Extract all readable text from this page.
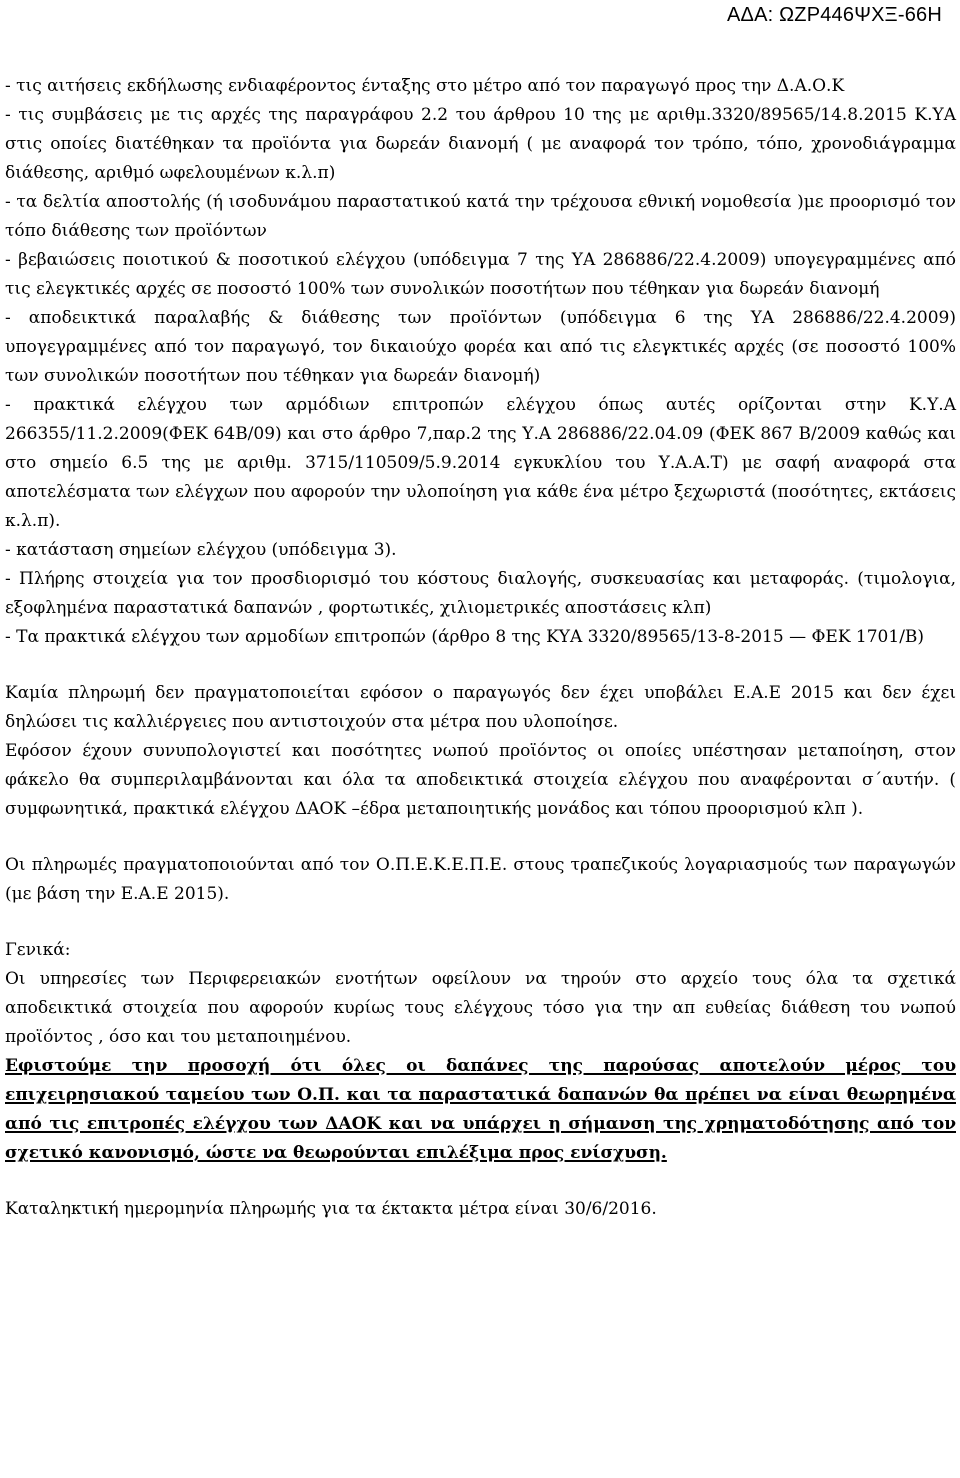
ΑΔΑ: ΩΖΡ446ΨΧΞ-66Η

- τις αιτήσεις εκδήλωσης ενδιαφέροντος ένταξης στο μέτρο από τον παραγωγό προς την Δ.Α.Ο.Κ

- τις συμβάσεις με τις αρχές της παραγράφου 2.2 του άρθρου 10 της με αριθμ.3320/89565/14.8.2015 Κ.ΥΑ στις οποίες διατέθηκαν τα προϊόντα για δωρεάν διανομή ( με αναφορά τον τρόπο, τόπο, χρονοδιάγραμμα διάθεσης, αριθμό ωφελουμένων κ.λ.π)

- τα δελτία αποστολής (ή ισοδυνάμου παραστατικού κατά την τρέχουσα εθνική νομοθεσία )με προορισμό τον τόπο διάθεσης των προϊόντων

- βεβαιώσεις ποιοτικού & ποσοτικού ελέγχου (υπόδειγμα 7 της ΥΑ 286886/22.4.2009) υπογεγραμμένες από τις ελεγκτικές αρχές σε ποσοστό 100% των συνολικών ποσοτήτων που τέθηκαν για δωρεάν διανομή

- αποδεικτικά παραλαβής & διάθεσης των προϊόντων (υπόδειγμα 6 της ΥΑ 286886/22.4.2009) υπογεγραμμένες από τον παραγωγό, τον δικαιούχο φορέα και από τις ελεγκτικές αρχές (σε ποσοστό 100% των συνολικών ποσοτήτων που τέθηκαν για δωρεάν διανομή)

- πρακτικά ελέγχου των αρμόδιων επιτροπών ελέγχου όπως αυτές ορίζονται στην Κ.Υ.Α 266355/11.2.2009(ΦΕΚ 64Β/09) και στο άρθρο 7,παρ.2 της Υ.Α 286886/22.04.09 (ΦΕΚ 867 Β/2009 καθώς και στο σημείο 6.5 της με αριθμ. 3715/110509/5.9.2014 εγκυκλίου του Υ.Α.Α.Τ) με σαφή αναφορά στα αποτελέσματα των ελέγχων που αφορούν την υλοποίηση για κάθε ένα μέτρο ξεχωριστά (ποσότητες, εκτάσεις κ.λ.π).

- κατάσταση σημείων ελέγχου (υπόδειγμα 3).

- Πλήρης στοιχεία για τον προσδιορισμό του κόστους διαλογής, συσκευασίας και μεταφοράς. (τιμολογια, εξοφλημένα παραστατικά δαπανών , φορτωτικές, χιλιομετρικές αποστάσεις κλπ)

- Τα πρακτικά ελέγχου των αρμοδίων επιτροπών (άρθρο 8 της ΚΥΑ 3320/89565/13-8-2015 — ΦΕΚ 1701/Β)

Καμία πληρωμή δεν πραγματοποιείται εφόσον ο παραγωγός δεν έχει υποβάλει Ε.Α.Ε 2015 και δεν έχει δηλώσει τις καλλιέργειες που αντιστοιχούν στα μέτρα που υλοποίησε.

Εφόσον έχουν συνυπολογιστεί και ποσότητες νωπού προϊόντος οι οποίες υπέστησαν μεταποίηση, στον φάκελο θα συμπεριλαμβάνονται και όλα τα αποδεικτικά στοιχεία ελέγχου που αναφέρονται σ΄αυτήν. ( συμφωνητικά, πρακτικά ελέγχου ΔΑΟΚ –έδρα μεταποιητικής μονάδος και τόπου προορισμού κλπ ).

Οι πληρωμές πραγματοποιούνται από τον Ο.Π.Ε.Κ.Ε.Π.Ε. στους τραπεζικούς λογαριασμούς των παραγωγών (με βάση την Ε.Α.Ε 2015).

Γενικά:

Οι υπηρεσίες των Περιφερειακών ενοτήτων οφείλουν να τηρούν στο αρχείο τους όλα τα σχετικά αποδεικτικά στοιχεία που αφορούν κυρίως τους ελέγχους τόσο για την απ ευθείας διάθεση του νωπού προϊόντος , όσο και του μεταποιημένου.

Εφιστούμε την προσοχή ότι όλες οι δαπάνες της παρούσας αποτελούν μέρος του επιχειρησιακού ταμείου των Ο.Π. και τα παραστατικά δαπανών θα πρέπει να είναι θεωρημένα από τις επιτροπές ελέγχου των ΔΑΟΚ και να υπάρχει η σήμανση της χρηματοδότησης από τον σχετικό κανονισμό, ώστε να θεωρούνται επιλέξιμα προς ενίσχυση.

Καταληκτική ημερομηνία πληρωμής για τα έκτακτα μέτρα είναι 30/6/2016.
